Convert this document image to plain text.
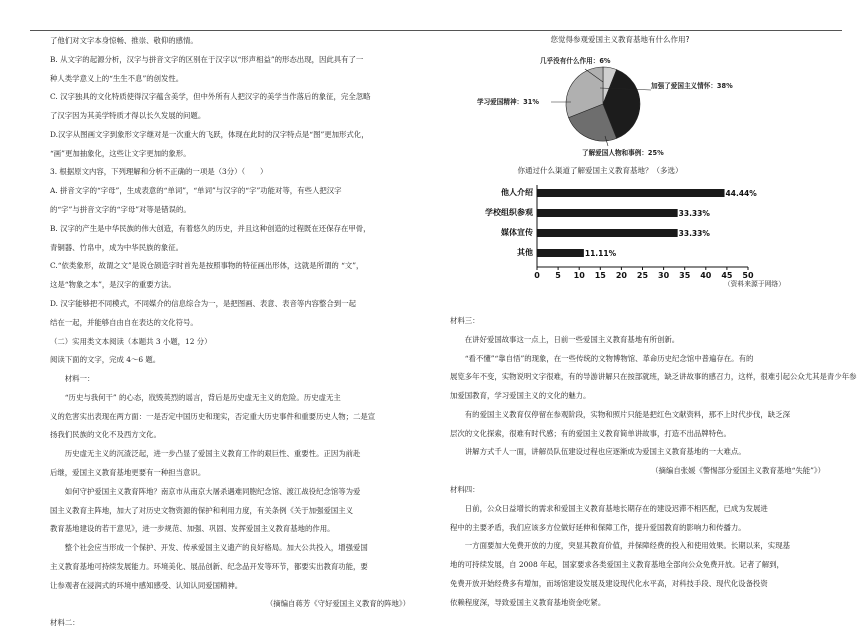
了他们对文字本身惊畅、推崇、敬仰的感情。
B. 从文字的起源分析，汉字与拼音文字的区别在于汉字以“形声相益”的形态出现，因此具有了一
种人类学意义上的“生生不息”的创发性。
C. 汉字独具的文化特质使得汉字蕴含美学，但中外所有人把汉字的美学当作落后的象征，完全忽略
了汉字因为其美学特质才得以长久发展的问题。
D.汉字从图画文字到象形文字继对是一次重大的飞跃，体现在此时的汉字特点是“图”更加形式化，
“画”更加抽象化，这些让文字更加的象形。
3. 根据原文内容，下列理解和分析不正确的一项是（3分）（　　）
A. 拼音文字的“字母”，生成表意的“单词”，“单词”与汉字的“字”功能对等，有些人把汉字
的“字”与拼音文字的“字母”对等是错误的。
B. 汉字的产生是中华民族的伟大创造，有着悠久的历史，并且这种创造的过程既在还保存在甲骨，
青铜器、竹帛中，成为中华民族的象征。
C.“依类象形，故谓之文”是说仓颉造字时首先是按照事物的特征画出形体，这就是所谓的 “文”，
这是“物象之本”，是汉字的重要方法。
D. 汉字能够把不同模式，不同媒介的信息综合为一，是把图画、表意、表音等内容整合到一起
结在一起，并能够自由自在表达的文化符号。
（二）实用类文本阅读（本题共 3 小题，12 分）
阅读下面的文字，完成 4～6 题。
　　材料一：
　　“历史与我何干” 的心态，戕毁英烈的谣言，背后是历史虚无主义的危险。历史虚无主
义的危害实出表现在两方面：一是否定中国历史和现实，否定重大历史事件和重要历史人物；二是宣
扬我们民族的文化不及西方文化。
　　历史虚无主义的沉渣泛起，进一步凸显了爱国主义教育工作的艰巨性、重要性。正因为前赴
后继，爱国主义教育基地更要有一种担当意识。
　　如何守护爱国主义教育阵地？南京市从南京大屠杀遇难同胞纪念馆、渡江战役纪念馆等为爱
国主义教育主阵地，加大了对历史文物资源的保护和利用力度，有关条例《关于加强爱国主义
教育基地建设的若干意见》，进一步规范、加强、巩固、发挥爱国主义教育基地的作用。
　　整个社会应当形成一个保护、开发、传承爱国主义遗产的良好格局。加大公共投入，增强爱国
主义教育基地可持续发展能力。环境美化、展品创新、纪念品开发等环节，都要实出教育功能，要
让参观者在浸润式的环境中感知感受、认知认同爱国精神。
（摘编自蒋芳《守好爱国主义教育的阵地》）
材料二：
您觉得参观爱国主义教育基地有什么作用?
几乎没有什么作用：6%
加强了爱国主义情怀：38%
了解爱国人物和事例：25%
学习爱国精神：31%
你通过什么渠道了解爱国主义教育基地？（多选）
（资料来源于网络）
他人介绍	44.44%
学校组织参观	33.33%
媒体宣传	33.33%
其他	11.11%
0 5 10 15 20 25 30 35 40 45 50
材料三：
　　在讲好爱国故事这一点上，日前一些爱国主义教育基地有所创新。
　　“看不懂”“靠自悟”的现象，在一些传统的文物博物馆、革命历史纪念馆中普遍存在。有的
展览多年不变，实物说明文字很难，有的导游讲解只在按部就班，缺乏讲故事的感召力，这样，很难引起公众尤其是青少年参
加爱国教育，学习爱国主义的文化的魅力。
　　有的爱国主义教育仅停留在参观阶段，实物和照片只能是把红色文献资料，那不上时代步伐，缺乏深
层次的文化探索，很难有时代感；有的爱国主义教育简单讲故事，打造不出品牌特色。
　　讲解方式千人一面，讲解员队伍建设过程也应逐渐成为爱国主义教育基地的一大难点。
（摘编自张媛《警惕部分爱国主义教育基地“失能”》）
材料四：
　　日前，公众日益增长的需求和爱国主义教育基地长期存在的建设迟滞不相匹配，已成为发展进
程中的主要矛盾，我们应该多方位做好延伸和保障工作，提升爱国教育的影响力和传播力。
　　一方面要加大免费开放的力度，突显其教育价值，并保障经费的投入和使用效果。长期以来，实现基
地的可持续发展，自 2008 年起，国家要求各类爱国主义教育基地全部向公众免费开放。记者了解到，
免费开放开始经费多有增加，而场馆建设发展及建设现代化水平高，对科技手段、现代化设备投资
依赖程度深，导致爱国主义教育基地资金吃紧。
